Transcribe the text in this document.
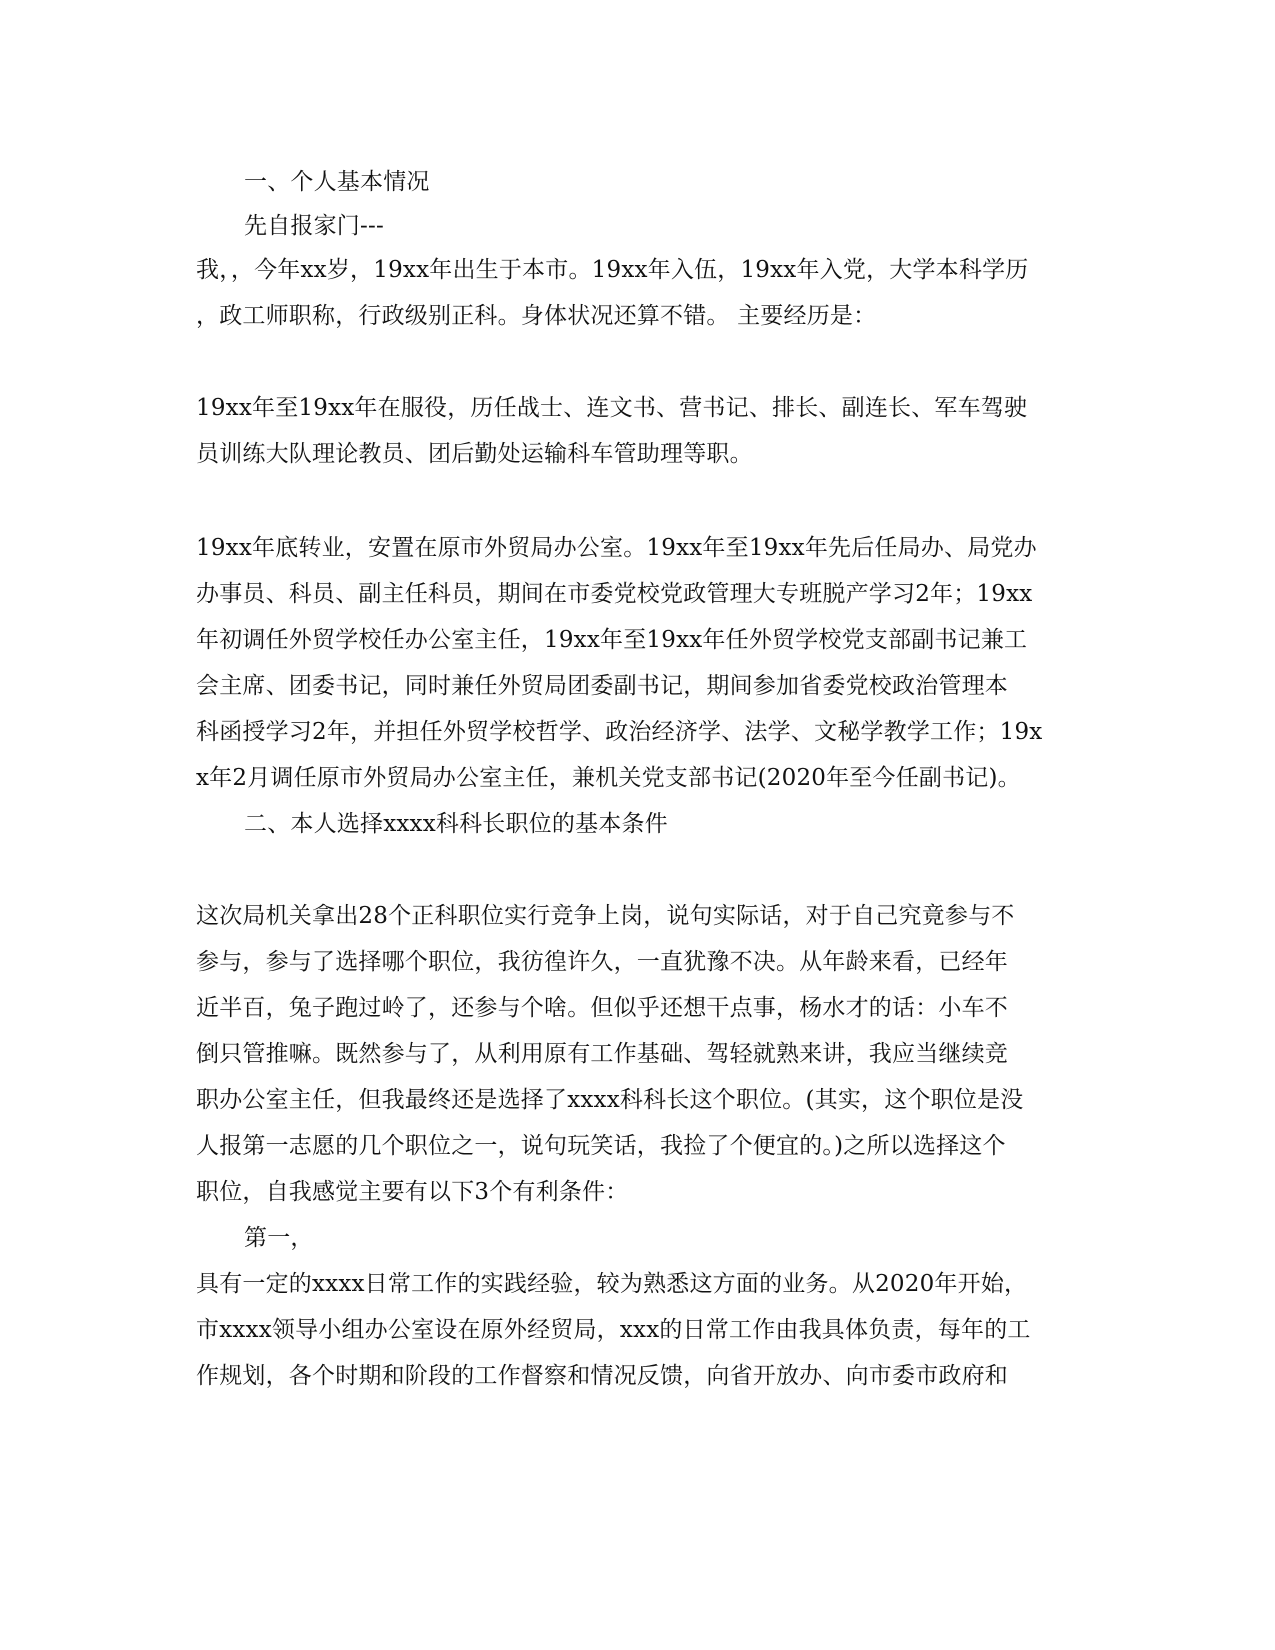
一、个人基本情况

先自报家门---

我，，今年xx岁，19xx年出生于本市。19xx年入伍，19xx年入党，大学本科学历

，政工师职称，行政级别正科。身体状况还算不错。 主要经历是：

19xx年至19xx年在服役，历任战士、连文书、营书记、排长、副连长、军车驾驶

员训练大队理论教员、团后勤处运输科车管助理等职。

19xx年底转业，安置在原市外贸局办公室。19xx年至19xx年先后任局办、局党办

办事员、科员、副主任科员，期间在市委党校党政管理大专班脱产学习2年；19xx

年初调任外贸学校任办公室主任，19xx年至19xx年任外贸学校党支部副书记兼工

会主席、团委书记，同时兼任外贸局团委副书记，期间参加省委党校政治管理本

科函授学习2年，并担任外贸学校哲学、政治经济学、法学、文秘学教学工作；19x

x年2月调任原市外贸局办公室主任，兼机关党支部书记(2020年至今任副书记)。

二、本人选择xxxx科科长职位的基本条件

这次局机关拿出28个正科职位实行竞争上岗，说句实际话，对于自己究竟参与不

参与，参与了选择哪个职位，我彷徨许久，一直犹豫不决。从年龄来看，已经年

近半百，兔子跑过岭了，还参与个啥。但似乎还想干点事，杨水才的话：小车不

倒只管推嘛。既然参与了，从利用原有工作基础、驾轻就熟来讲，我应当继续竞

职办公室主任，但我最终还是选择了xxxx科科长这个职位。(其实，这个职位是没

人报第一志愿的几个职位之一，说句玩笑话，我捡了个便宜的。)之所以选择这个

职位，自我感觉主要有以下3个有利条件：

第一，

具有一定的xxxx日常工作的实践经验，较为熟悉这方面的业务。从2020年开始，

市xxxx领导小组办公室设在原外经贸局，xxx的日常工作由我具体负责，每年的工

作规划，各个时期和阶段的工作督察和情况反馈，向省开放办、向市委市政府和
